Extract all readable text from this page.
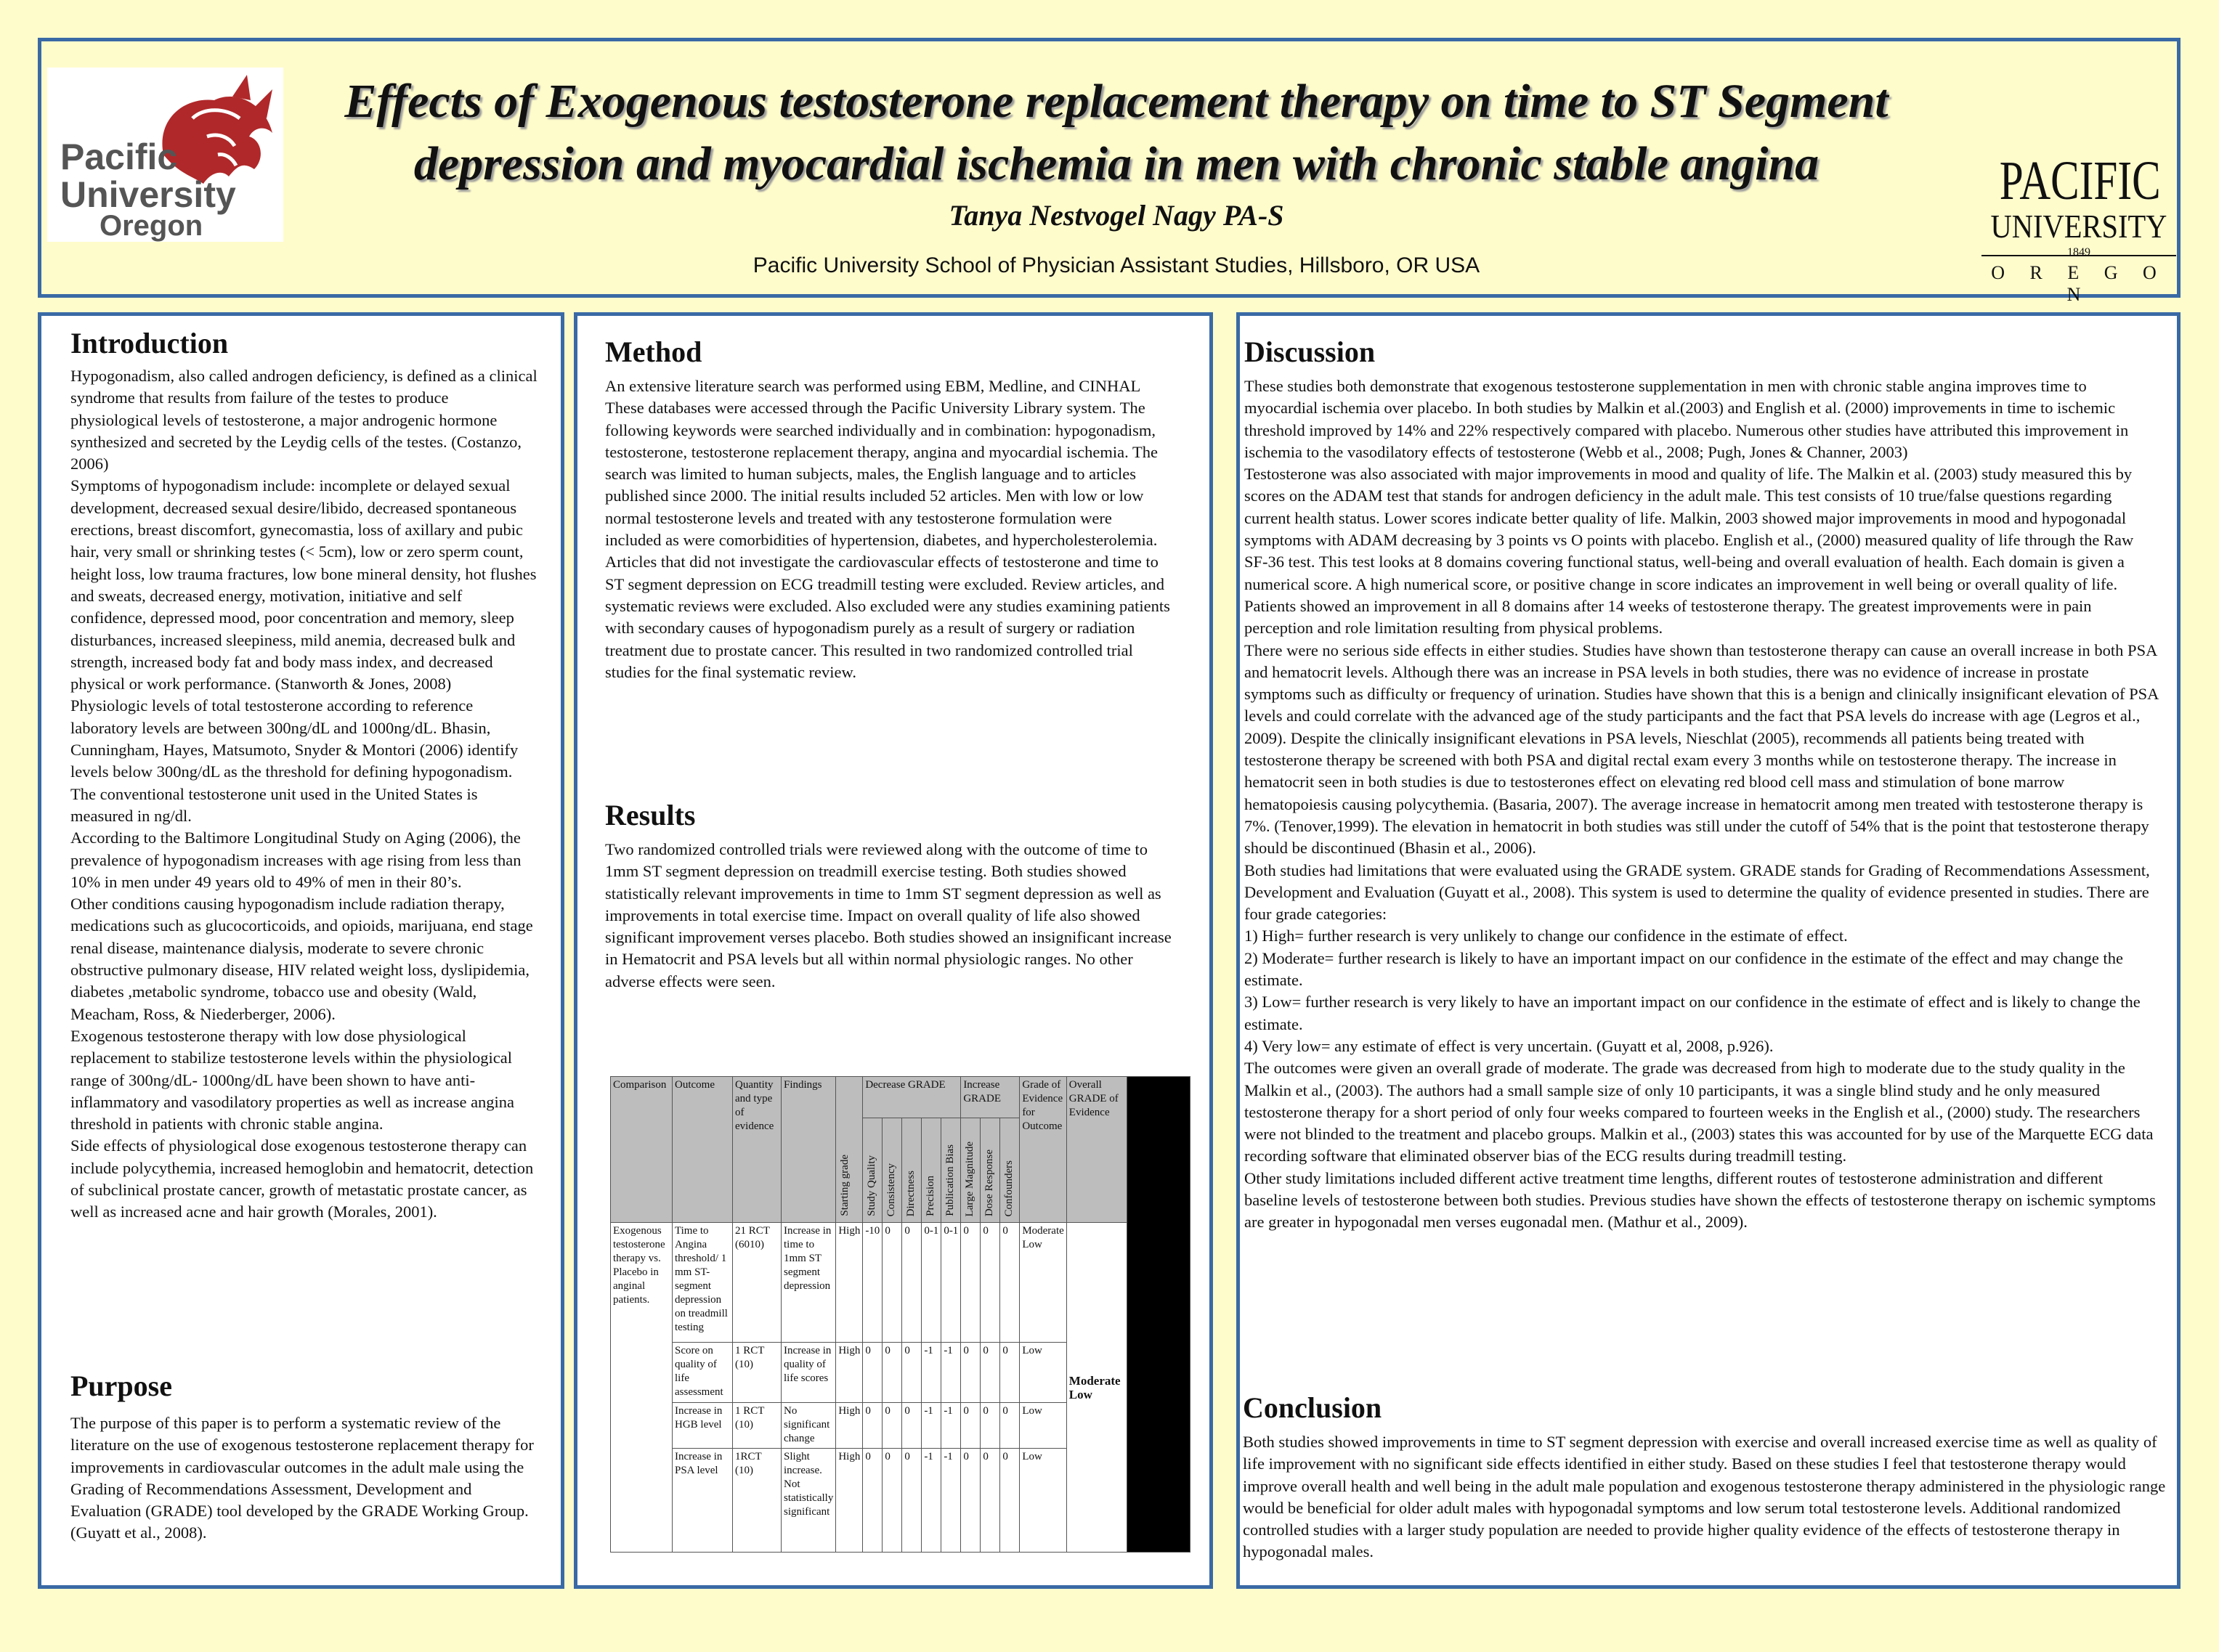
Pacific
University
Oregon
Effects of Exogenous testosterone replacement therapy on time to ST Segment
depression and myocardial ischemia in men with chronic stable angina
Tanya Nestvogel Nagy PA-S
Pacific University School of Physician Assistant Studies, Hillsboro, OR USA
PACIFIC
UNIVERSITY
1849
O R E G O N
Introduction

Hypogonadism, also called androgen deficiency, is defined as a clinical syndrome that results from failure of the testes to produce physiological levels of testosterone, a major androgenic hormone synthesized and secreted by the Leydig cells of the testes. (Costanzo, 2006)

Symptoms of hypogonadism include: incomplete or delayed sexual development, decreased sexual desire/libido, decreased spontaneous erections, breast discomfort, gynecomastia, loss of axillary and pubic hair, very small or shrinking testes (< 5cm), low or zero sperm count, height loss, low trauma fractures, low bone mineral density, hot flushes and sweats, decreased energy, motivation, initiative and self confidence, depressed mood, poor concentration and memory, sleep disturbances, increased sleepiness, mild anemia, decreased bulk and strength, increased body fat and body mass index, and decreased physical or work performance. (Stanworth & Jones, 2008)

Physiologic levels of total testosterone according to reference laboratory levels are between 300ng/dL and 1000ng/dL. Bhasin, Cunningham, Hayes, Matsumoto, Snyder & Montori (2006) identify levels below 300ng/dL as the threshold for defining hypogonadism. The conventional testosterone unit used in the United States is measured in ng/dl.

According to the Baltimore Longitudinal Study on Aging (2006), the prevalence of hypogonadism increases with age rising from less than 10% in men under 49 years old to 49% of men in their 80’s.

Other conditions causing hypogonadism include radiation therapy, medications such as glucocorticoids, and opioids, marijuana, end stage renal disease, maintenance dialysis, moderate to severe chronic obstructive pulmonary disease, HIV related weight loss, dyslipidemia, diabetes ,metabolic syndrome, tobacco use and obesity (Wald, Meacham, Ross, & Niederberger, 2006).

Exogenous testosterone therapy with low dose physiological replacement to stabilize testosterone levels within the physiological range of 300ng/dL- 1000ng/dL have been shown to have anti-inflammatory and vasodilatory properties as well as increase angina threshold in patients with chronic stable angina.

Side effects of physiological dose exogenous testosterone therapy can include polycythemia, increased hemoglobin and hematocrit, detection of subclinical prostate cancer, growth of metastatic prostate cancer, as well as increased acne and hair growth (Morales, 2001).

Purpose
The purpose of this paper is to perform a systematic review of the literature on the use of exogenous testosterone replacement therapy for improvements in cardiovascular outcomes in the adult male using the Grading of Recommendations Assessment, Development and Evaluation (GRADE) tool developed by the GRADE Working Group. (Guyatt et al., 2008).
Method
An extensive literature search was performed using EBM, Medline, and CINHAL These databases were accessed through the Pacific University Library system. The following keywords were searched individually and in combination: hypogonadism, testosterone, testosterone replacement therapy, angina and myocardial ischemia. The search was limited to human subjects, males, the English language and to articles published since 2000. The initial results included 52 articles. Men with low or low normal testosterone levels and treated with any testosterone formulation were included as were comorbidities of hypertension, diabetes, and hypercholesterolemia. Articles that did not investigate the cardiovascular effects of testosterone and time to ST segment depression on ECG treadmill testing were excluded. Review articles, and systematic reviews were excluded. Also excluded were any studies examining patients with secondary causes of hypogonadism purely as a result of surgery or radiation treatment due to prostate cancer. This resulted in two randomized controlled trial studies for the final systematic review.
Results
Two randomized controlled trials were reviewed along with the outcome of time to 1mm ST segment depression on treadmill exercise testing. Both studies showed statistically relevant improvements in time to 1mm ST segment depression as well as improvements in total exercise time. Impact on overall quality of life also showed significant improvement verses placebo. Both studies showed an insignificant increase in Hematocrit and PSA levels but all within normal physiologic ranges. No other adverse effects were seen.
Comparison	Outcome	Quantity and type of evidence	Findings	Starting grade	Decrease GRADE					Increase GRADE			Grade of Evidence for Outcome	Overall GRADE of Evidence	
					Study Quality	Consistency	Directness	Precision	Publication Bias	Large Magnitude	Dose Response	Confounders			
Exogenous testosterone therapy vs. Placebo in anginal patients.	Time to Angina threshold/ 1 mm ST-segment depression on treadmill testing	21 RCT (6010)	Increase in time to 1mm ST segment depression	High	-10	0	0	0-1	0-1	0	0	0	Moderate Low	Moderate Low	
	Score on quality of life assessment	1 RCT (10)	Increase in quality of life scores	High	0	0	0	-1	-1	0	0	0	Low		
	Increase in HGB level	1 RCT (10)	No significant change	High	0	0	0	-1	-1	0	0	0	Low		
	Increase in PSA level	1RCT (10)	Slight increase. Not statistically significant	High	0	0	0	-1	-1	0	0	0	Low		
Discussion

These studies both demonstrate that exogenous testosterone supplementation in men with chronic stable angina improves time to myocardial ischemia over placebo. In both studies by Malkin et al.(2003) and English et al. (2000) improvements in time to ischemic threshold improved by 14% and 22% respectively compared with placebo. Numerous other studies have attributed this improvement in ischemia to the vasodilatory effects of testosterone (Webb et al., 2008; Pugh, Jones & Channer, 2003)

Testosterone was also associated with major improvements in mood and quality of life. The Malkin et al. (2003) study measured this by scores on the ADAM test that stands for androgen deficiency in the adult male. This test consists of 10 true/false questions regarding current health status. Lower scores indicate better quality of life. Malkin, 2003 showed major improvements in mood and hypogonadal symptoms with ADAM decreasing by 3 points vs O points with placebo. English et al., (2000) measured quality of life through the Raw SF-36 test. This test looks at 8 domains covering functional status, well-being and overall evaluation of health. Each domain is given a numerical score. A high numerical score, or positive change in score indicates an improvement in well being or overall quality of life. Patients showed an improvement in all 8 domains after 14 weeks of testosterone therapy. The greatest improvements were in pain perception and role limitation resulting from physical problems.

There were no serious side effects in either studies. Studies have shown than testosterone therapy can cause an overall increase in both PSA and hematocrit levels. Although there was an increase in PSA levels in both studies, there was no evidence of increase in prostate symptoms such as difficulty or frequency of urination. Studies have shown that this is a benign and clinically insignificant elevation of PSA levels and could correlate with the advanced age of the study participants and the fact that PSA levels do increase with age (Legros et al., 2009). Despite the clinically insignificant elevations in PSA levels, Nieschlat (2005), recommends all patients being treated with testosterone therapy be screened with both PSA and digital rectal exam every 3 months while on testosterone therapy. The increase in hematocrit seen in both studies is due to testosterones effect on elevating red blood cell mass and stimulation of bone marrow hematopoiesis causing polycythemia. (Basaria, 2007). The average increase in hematocrit among men treated with testosterone therapy is 7%. (Tenover,1999). The elevation in hematocrit in both studies was still under the cutoff of 54% that is the point that testosterone therapy should be discontinued (Bhasin et al., 2006).

Both studies had limitations that were evaluated using the GRADE system. GRADE stands for Grading of Recommendations Assessment, Development and Evaluation (Guyatt et al., 2008). This system is used to determine the quality of evidence presented in studies. There are four grade categories:

1) High= further research is very unlikely to change our confidence in the estimate of effect.

2) Moderate= further research is likely to have an important impact on our confidence in the estimate of the effect and may change the estimate.

3) Low= further research is very likely to have an important impact on our confidence in the estimate of effect and is likely to change the estimate.

4) Very low= any estimate of effect is very uncertain. (Guyatt et al, 2008, p.926).

The outcomes were given an overall grade of moderate. The grade was decreased from high to moderate due to the study quality in the Malkin et al., (2003). The authors had a small sample size of only 10 participants, it was a single blind study and he only measured testosterone therapy for a short period of only four weeks compared to fourteen weeks in the English et al., (2000) study. The researchers were not blinded to the treatment and placebo groups. Malkin et al., (2003) states this was accounted for by use of the Marquette ECG data recording software that eliminated observer bias of the ECG results during treadmill testing.

Other study limitations included different active treatment time lengths, different routes of testosterone administration and different baseline levels of testosterone between both studies. Previous studies have shown the effects of testosterone therapy on ischemic symptoms are greater in hypogonadal men verses eugonadal men. (Mathur et al., 2009).

Conclusion
Both studies showed improvements in time to ST segment depression with exercise and overall increased exercise time as well as quality of life improvement with no significant side effects identified in either study. Based on these studies I feel that testosterone therapy would improve overall health and well being in the adult male population and exogenous testosterone therapy administered in the physiologic range would be beneficial for older adult males with hypogonadal symptoms and low serum total testosterone levels. Additional randomized controlled studies with a larger study population are needed to provide higher quality evidence of the effects of testosterone therapy in hypogonadal males.
